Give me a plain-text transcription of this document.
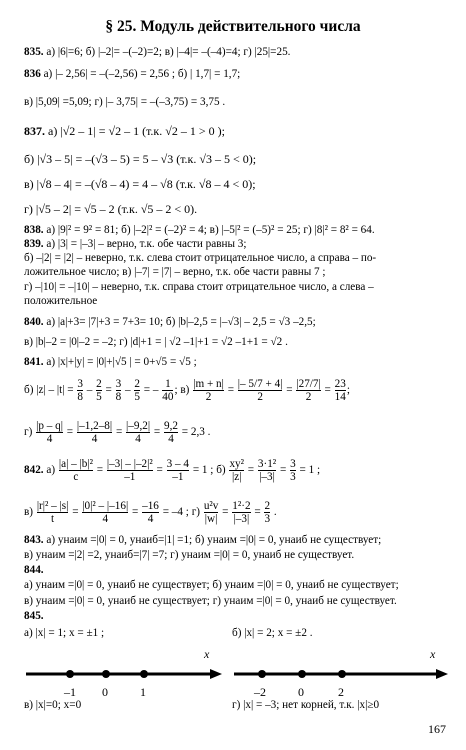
§ 25. Модуль действительного числа
835. а) |6|=6; б) |–2|= –(–2)=2; в) |–4|= –(–4)=4; г) |25|=25.
836 а) |– 2,56| = –(–2,56) = 2,56 ; б) | 1,7| = 1,7;
в) |5,09| =5,09; г) |– 3,75| = –(–3,75) = 3,75 .
837. а) |√2 – 1| = √2 – 1 (т.к. √2 – 1 > 0 );
б) |√3 – 5| = –(√3 – 5) = 5 – √3 (т.к. √3 – 5 < 0);
в) |√8 – 4| = –(√8 – 4) = 4 – √8 (т.к. √8 – 4 < 0);
г) |√5 – 2| = √5 – 2 (т.к. √5 – 2 < 0).
838. а) |9|² = 9² = 81; б) |–2|² = (–2)² = 4; в) |–5|² = (–5)² = 25; г) |8|² = 8² = 64.
839. а) |3| = |–3| – верно, т.к. обе части равны 3;
б) –|2| = |2| – неверно, т.к. слева стоит отрицательное число, а справа – по-
ложительное число; в) |–7| = |7| – верно, т.к. обе части равны 7 ;
г) –|10| = –|10| – неверно, т.к. справа стоит отрицательное число, а слева –
положительное
840. а) |a|+3= |7|+3 = 7+3= 10; б) |b|–2,5 = |–√3| – 2,5 = √3 –2,5;
в) |b|–2 = |0|–2 = –2; г) |d|+1 = | √2 –1|+1 = √2 –1+1 = √2 .
841. а) |x|+|y| = |0|+|√5 | = 0+√5 = √5 ;
б) $|z| - |t| = \frac{3}{8} - \frac{2}{5} = \frac{3}{8} - \frac{2}{5}$ = – $\frac{1}{40}$ ; $в) \frac{|m + n|}{2} = \frac{|- 5/7 + 4|}{2} = \frac{|27/7|}{2} = \frac{23}{14}$ ;
$г) \frac{|p - q|}{4} = \frac{|-1,2-8|}{4} = \frac{|-9,2|}{4} = \frac{9,2}{4} = 2,3$ .
842. $а) \frac{\text{|a| – |b|²}}{c} = \frac{\text{|–3| – |–2|²}}{-1} = \frac{3 - 4}{-1} = 1$ ; $б) \frac{\text{xy²}}{|z|} = \frac{\text{3·1²}}{|-3|} = \frac{3}{3} = 1$ ;
$в) \frac{\text{|r|² – |s|}}{t} = \frac{\text{|0|² – |–16|}}{4} = \frac{-16}{4} = -4$ ; $г) \frac{\text{u²v}}{|w|} = \frac{\text{1²·2}}{|-3|} = \frac{2}{3}$ .
843. а) yнаим =|0| = 0, yнаиб=|1| =1; б) yнаим =|0| = 0, yнаиб не существует;
в) yнаим =|2| =2, yнаиб=|7| =7; г) yнаим =|0| = 0, yнаиб не существует.
844.
а) yнаим =|0| = 0, yнаиб не существует; б) yнаим =|0| = 0, yнаиб не существует;
в) yнаим =|0| = 0, yнаиб не существует; г) yнаим =|0| = 0, yнаиб не существует.
845.
а) |x| = 1; x = ±1 ;	б) |x| = 2; x = ±2 .
x
–1 0	1
x
–2	0	2
в) |x|=0; x=0	г) |x| = –3; нет корней, т.к. |x|≥0
167
